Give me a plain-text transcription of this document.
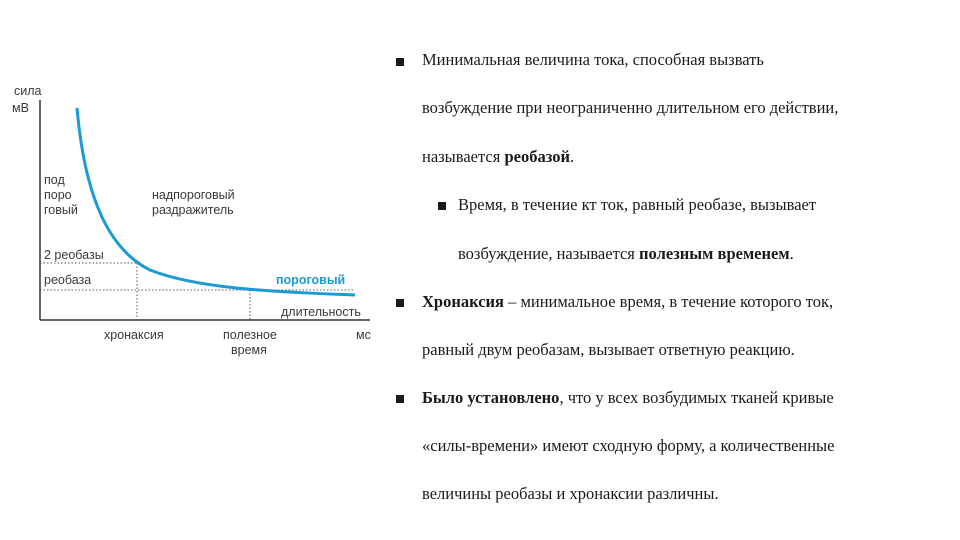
сила
мВ
мс
под
поро
говый
надпороговый
раздражитель
2 реобазы
реобаза	пороговый
длительность
хронаксия	полезное
время
Минимальная величина тока, способная вызвать
возбуждение при неограниченно длительном его действии,
называется реобазой.
Время, в течение кт ток, равный реобазе, вызывает
возбуждение, называется полезным временем.
Хронаксия – минимальное время, в течение которого ток,
равный двум реобазам, вызывает ответную реакцию.
Было установлено, что у всех возбудимых тканей кривые
«силы-времени» имеют сходную форму, а количественные
величины реобазы и хронаксии различны.
